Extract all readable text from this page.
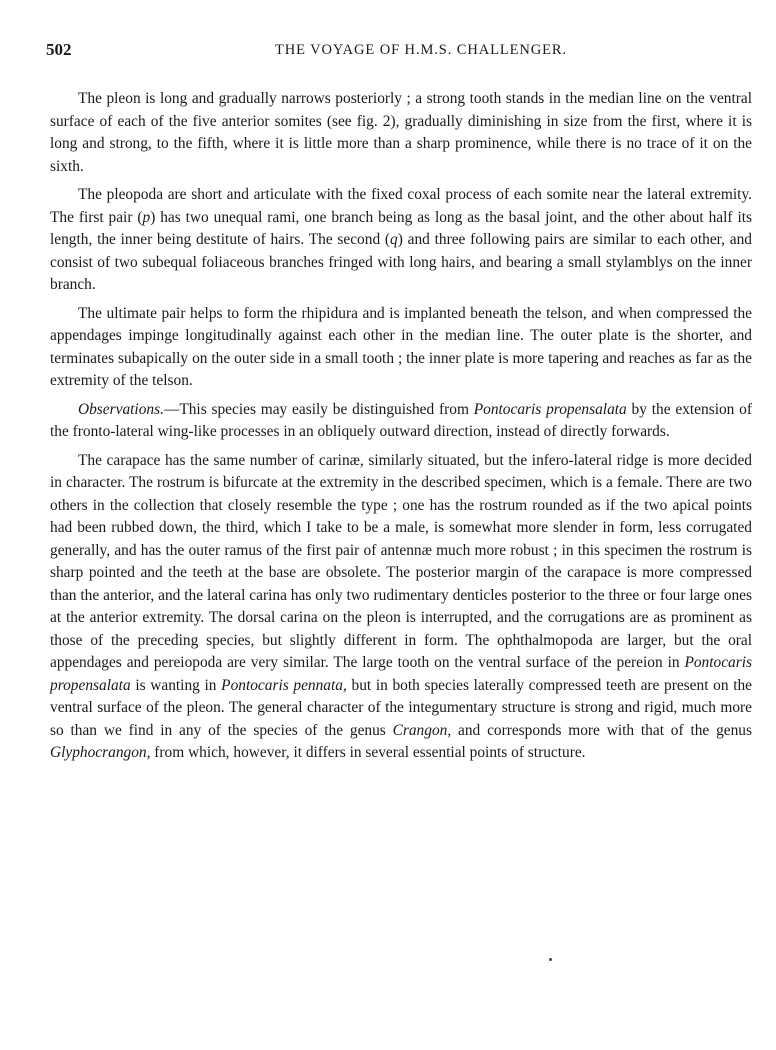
502	THE VOYAGE OF H.M.S. CHALLENGER.

The pleon is long and gradually narrows posteriorly ; a strong tooth stands in the median line on the ventral surface of each of the five anterior somites (see fig. 2), gradually diminishing in size from the first, where it is long and strong, to the fifth, where it is little more than a sharp prominence, while there is no trace of it on the sixth.

The pleopoda are short and articulate with the fixed coxal process of each somite near the lateral extremity. The first pair (p) has two unequal rami, one branch being as long as the basal joint, and the other about half its length, the inner being destitute of hairs. The second (q) and three following pairs are similar to each other, and consist of two subequal foliaceous branches fringed with long hairs, and bearing a small stylamblys on the inner branch.

The ultimate pair helps to form the rhipidura and is implanted beneath the telson, and when compressed the appendages impinge longitudinally against each other in the median line. The outer plate is the shorter, and terminates subapically on the outer side in a small tooth ; the inner plate is more tapering and reaches as far as the extremity of the telson.

Observations.—This species may easily be distinguished from Pontocaris propensalata by the extension of the fronto-lateral wing-like processes in an obliquely outward direction, instead of directly forwards.

The carapace has the same number of carinæ, similarly situated, but the infero-lateral ridge is more decided in character. The rostrum is bifurcate at the extremity in the described specimen, which is a female. There are two others in the collection that closely resemble the type ; one has the rostrum rounded as if the two apical points had been rubbed down, the third, which I take to be a male, is somewhat more slender in form, less corrugated generally, and has the outer ramus of the first pair of antennæ much more robust ; in this specimen the rostrum is sharp pointed and the teeth at the base are obsolete. The posterior margin of the carapace is more compressed than the anterior, and the lateral carina has only two rudimentary denticles posterior to the three or four large ones at the anterior extremity. The dorsal carina on the pleon is interrupted, and the corrugations are as prominent as those of the preceding species, but slightly different in form. The ophthalmopoda are larger, but the oral appendages and pereiopoda are very similar. The large tooth on the ventral surface of the pereion in Pontocaris propensalata is wanting in Pontocaris pennata, but in both species laterally compressed teeth are present on the ventral surface of the pleon. The general character of the integumentary structure is strong and rigid, much more so than we find in any of the species of the genus Crangon, and corresponds more with that of the genus Glyphocrangon, from which, however, it differs in several essential points of structure.
